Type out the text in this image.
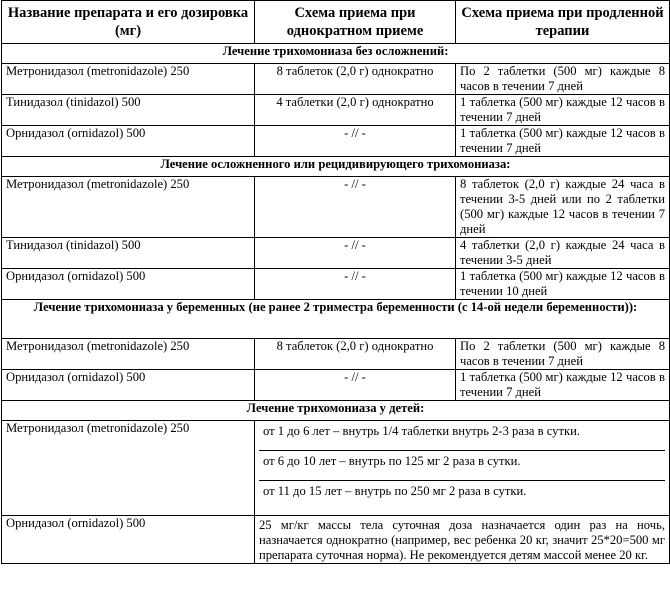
Название препарата и его дозировка (мг)	Схема приема при однократном приеме	Схема приема при продленной терапии
Лечение трихомониаза без осложнений:		
Метронидазол (metronidazole) 250	8 таблеток (2,0 г) однократно	По 2 таблетки (500 мг) каждые 8 часов в течении 7 дней
Тинидазол (tinidazol) 500	4 таблетки (2,0 г) однократно	1 таблетка (500 мг) каждые 12 часов в течении 7 дней
Орнидазол (ornidazol) 500	- // -	1 таблетка (500 мг) каждые 12 часов в течении 7 дней
Лечение осложненного или рецидивирующего трихомониаза:		
Метронидазол (metronidazole) 250	- // -	8 таблеток (2,0 г) каждые 24 часа в течении 3-5 дней или по 2 таблетки (500 мг) каждые 12 часов в течении 7 дней
Тинидазол (tinidazol) 500	- // -	4 таблетки (2,0 г) каждые 24 часа в течении 3-5 дней
Орнидазол (ornidazol) 500	- // -	1 таблетка (500 мг) каждые 12 часов в течении 10 дней
Лечение трихомониаза у беременных (не ранее 2 триместра беременности (с 14-ой недели беременности)):		
Метронидазол (metronidazole) 250	8 таблеток (2,0 г) однократно	По 2 таблетки (500 мг) каждые 8 часов в течении 7 дней
Орнидазол (ornidazol) 500	- // -	1 таблетка (500 мг) каждые 12 часов в течении 7 дней
Лечение трихомониаза у детей:		
Метронидазол (metronidazole) 250	от 1 до 6 лет – внутрь 1/4 таблетки внутрь 2-3 раза в сутки.
от 6 до 10 лет – внутрь по 125 мг 2 раза в сутки.
от 11 до 15 лет – внутрь по 250 мг 2 раза в сутки.	

Орнидазол (ornidazol) 500	25 мг/кг массы тела суточная доза назначается один раз на ночь, назначается однократно (например, вес ребенка 20 кг, значит 25*20=500 мг препарата суточная норма). Не рекомендуется детям массой менее 20 кг.	
